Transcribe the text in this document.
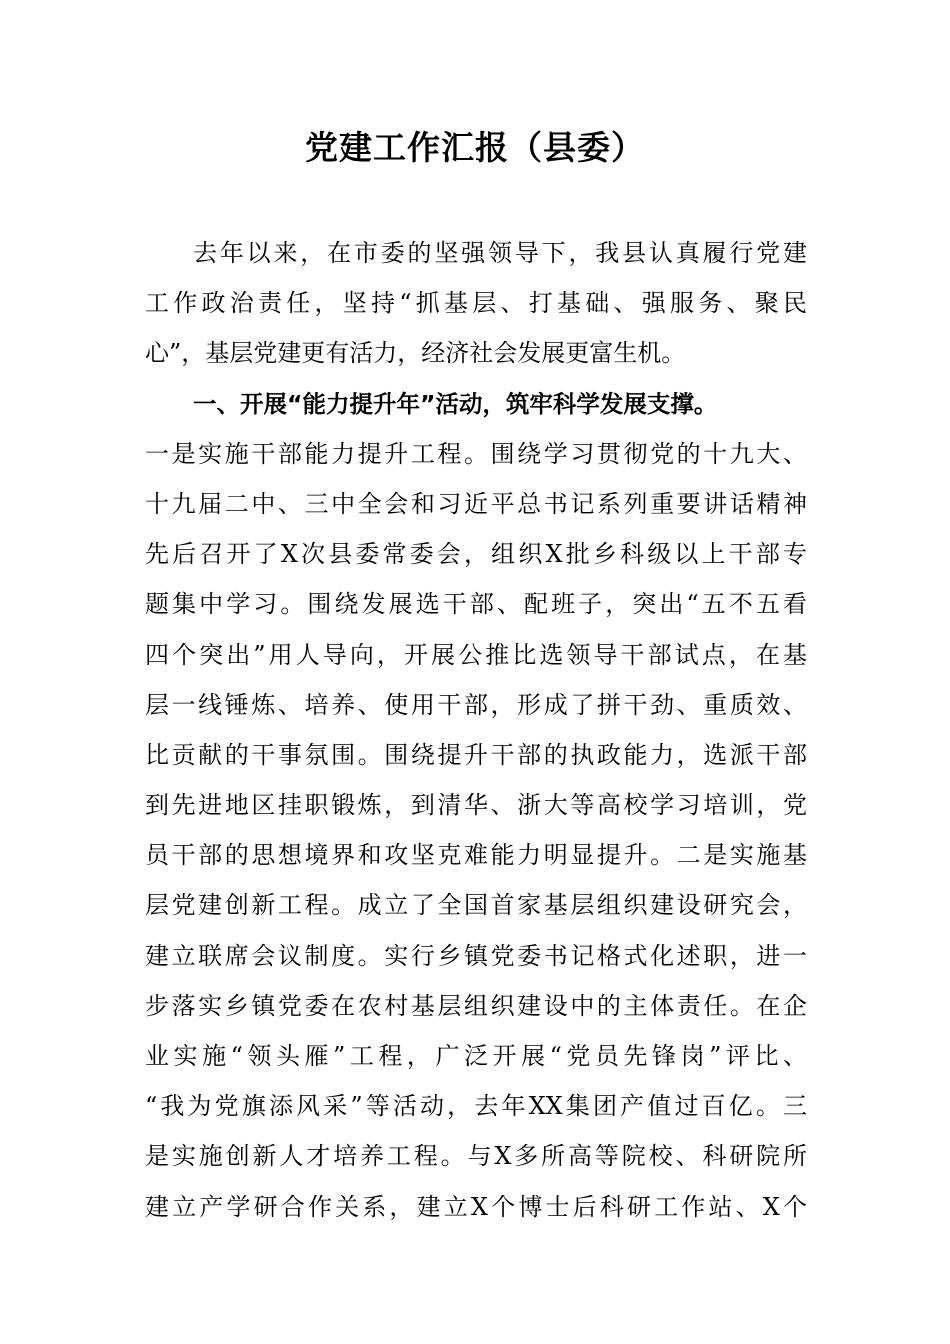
党建工作汇报（县委）
去年以来，在市委的坚强领导下，我县认真履行党建
工作政治责任，坚持“抓基层、打基础、强服务、聚民
心”，基层党建更有活力，经济社会发展更富生机。
一、开展“能力提升年”活动，筑牢科学发展支撑。
一是实施干部能力提升工程。围绕学习贯彻党的十九大、
十九届二中、三中全会和习近平总书记系列重要讲话精神
先后召开了X次县委常委会，组织X批乡科级以上干部专
题集中学习。围绕发展选干部、配班子，突出“五不五看
四个突出”用人导向，开展公推比选领导干部试点，在基
层一线锤炼、培养、使用干部，形成了拼干劲、重质效、
比贡献的干事氛围。围绕提升干部的执政能力，选派干部
到先进地区挂职锻炼，到清华、浙大等高校学习培训，党
员干部的思想境界和攻坚克难能力明显提升。二是实施基
层党建创新工程。成立了全国首家基层组织建设研究会，
建立联席会议制度。实行乡镇党委书记格式化述职，进一
步落实乡镇党委在农村基层组织建设中的主体责任。在企
业实施“领头雁”工程，广泛开展“党员先锋岗”评比、
“我为党旗添风采”等活动，去年XX集团产值过百亿。三
是实施创新人才培养工程。与X多所高等院校、科研院所
建立产学研合作关系，建立X个博士后科研工作站、X个
